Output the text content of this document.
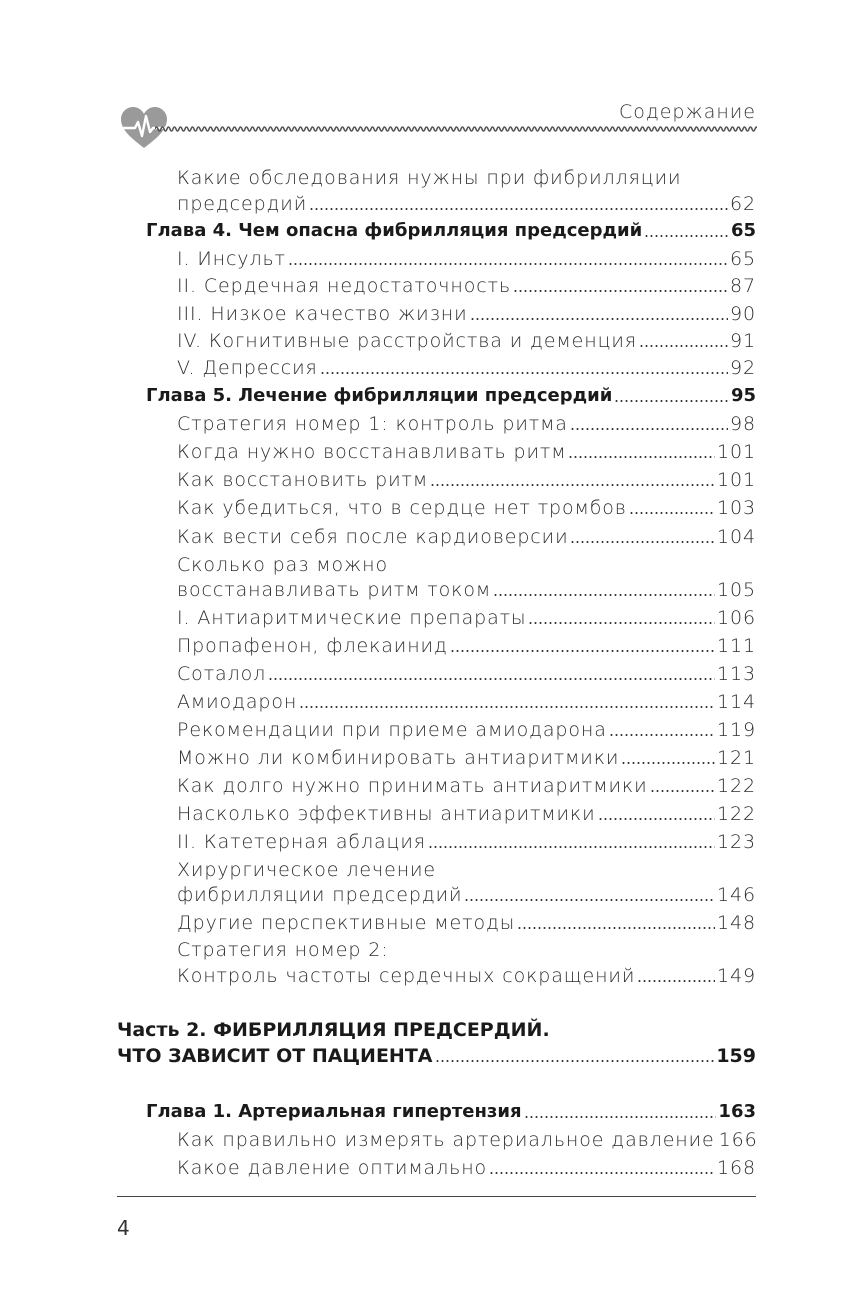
Содержание
Какие обследования нужны при фибрилляции
предсердий	62
Глава 4. Чем опасна фибрилляция предсердий	65
I. Инсульт	65
II. Сердечная недостаточность	87
III. Низкое качество жизни	90
IV. Когнитивные расстройства и деменция	91
V. Депрессия	92
Глава 5. Лечение фибрилляции предсердий	95
Стратегия номер 1: контроль ритма	98
Когда нужно восстанавливать ритм	101
Как восстановить ритм	101
Как убедиться, что в сердце нет тромбов	103
Как вести себя после кардиоверсии	104
Сколько раз можно
восстанавливать ритм током	105
I. Антиаритмические препараты	106
Пропафенон, флекаинид	111
Соталол	113
Амиодарон	114
Рекомендации при приеме амиодарона	119
Можно ли комбинировать антиаритмики	121
Как долго нужно принимать антиаритмики	122
Насколько эффективны антиаритмики	122
II. Катетерная аблация	123
Хирургическое лечение
фибрилляции предсердий	146
Другие перспективные методы	148
Стратегия номер 2:
Контроль частоты сердечных сокращений	149
Часть 2. ФИБРИЛЛЯЦИЯ ПРЕДСЕРДИЙ.
ЧТО ЗАВИСИТ ОТ ПАЦИЕНТА	159
Глава 1. Артериальная гипертензия	163
Как правильно измерять артериальное давление 166
Какое давление оптимально	168
4
